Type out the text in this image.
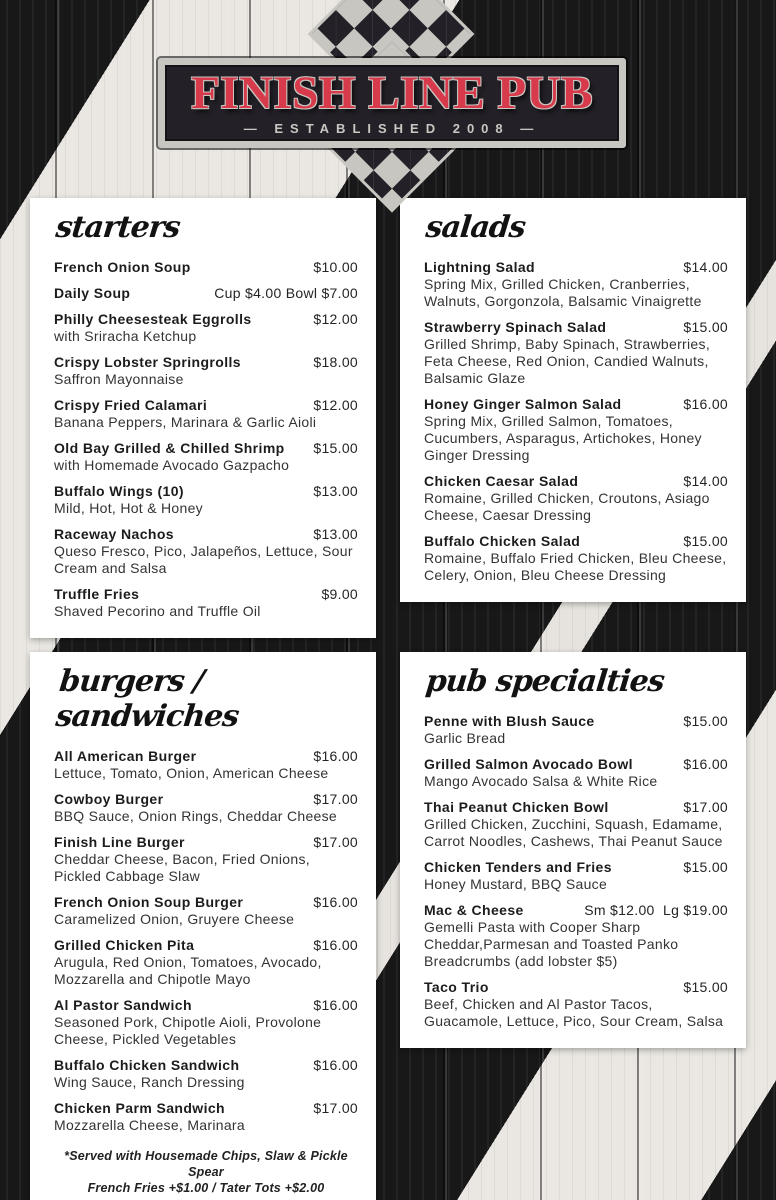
FINISH LINE PUB
— ESTABLISHED 2008 —
starters
French Onion Soup	$10.00
Daily Soup	Cup $4.00 Bowl $7.00
Philly Cheesesteak Eggrolls	$12.00
with Sriracha Ketchup
Crispy Lobster Springrolls	$18.00
Saffron Mayonnaise
Crispy Fried Calamari	$12.00
Banana Peppers, Marinara & Garlic Aioli
Old Bay Grilled & Chilled Shrimp	$15.00
with Homemade Avocado Gazpacho
Buffalo Wings (10)	$13.00
Mild, Hot, Hot & Honey
Raceway Nachos	$13.00
Queso Fresco, Pico, Jalapeños, Lettuce, Sour Cream and Salsa
Truffle Fries	$9.00
Shaved Pecorino and Truffle Oil
salads
Lightning Salad	$14.00
Spring Mix, Grilled Chicken, Cranberries, Walnuts, Gorgonzola, Balsamic Vinaigrette
Strawberry Spinach Salad	$15.00
Grilled Shrimp, Baby Spinach, Strawberries, Feta Cheese, Red Onion, Candied Walnuts, Balsamic Glaze
Honey Ginger Salmon Salad	$16.00
Spring Mix, Grilled Salmon, Tomatoes, Cucumbers, Asparagus, Artichokes, Honey Ginger Dressing
Chicken Caesar Salad	$14.00
Romaine, Grilled Chicken, Croutons, Asiago Cheese, Caesar Dressing
Buffalo Chicken Salad	$15.00
Romaine, Buffalo Fried Chicken, Bleu Cheese, Celery, Onion, Bleu Cheese Dressing
burgers / sandwiches
All American Burger	$16.00
Lettuce, Tomato, Onion, American Cheese
Cowboy Burger	$17.00
BBQ Sauce, Onion Rings, Cheddar Cheese
Finish Line Burger	$17.00
Cheddar Cheese, Bacon, Fried Onions, Pickled Cabbage Slaw
French Onion Soup Burger	$16.00
Caramelized Onion, Gruyere Cheese
Grilled Chicken Pita	$16.00
Arugula, Red Onion, Tomatoes, Avocado, Mozzarella and Chipotle Mayo
Al Pastor Sandwich	$16.00
Seasoned Pork, Chipotle Aioli, Provolone Cheese, Pickled Vegetables
Buffalo Chicken Sandwich	$16.00
Wing Sauce, Ranch Dressing
Chicken Parm Sandwich	$17.00
Mozzarella Cheese, Marinara

*Served with Housemade Chips, Slaw & Pickle Spear
French Fries +$1.00 / Tater Tots +$2.00

pub specialties
Penne with Blush Sauce	$15.00
Garlic Bread
Grilled Salmon Avocado Bowl	$16.00
Mango Avocado Salsa & White Rice
Thai Peanut Chicken Bowl	$17.00
Grilled Chicken, Zucchini, Squash, Edamame, Carrot Noodles, Cashews, Thai Peanut Sauce
Chicken Tenders and Fries	$15.00
Honey Mustard, BBQ Sauce
Mac & Cheese	Sm $12.00  Lg $19.00
Gemelli Pasta with Cooper Sharp Cheddar,Parmesan and Toasted Panko Breadcrumbs (add lobster $5)
Taco Trio	$15.00
Beef, Chicken and Al Pastor Tacos, Guacamole, Lettuce, Pico, Sour Cream, Salsa
